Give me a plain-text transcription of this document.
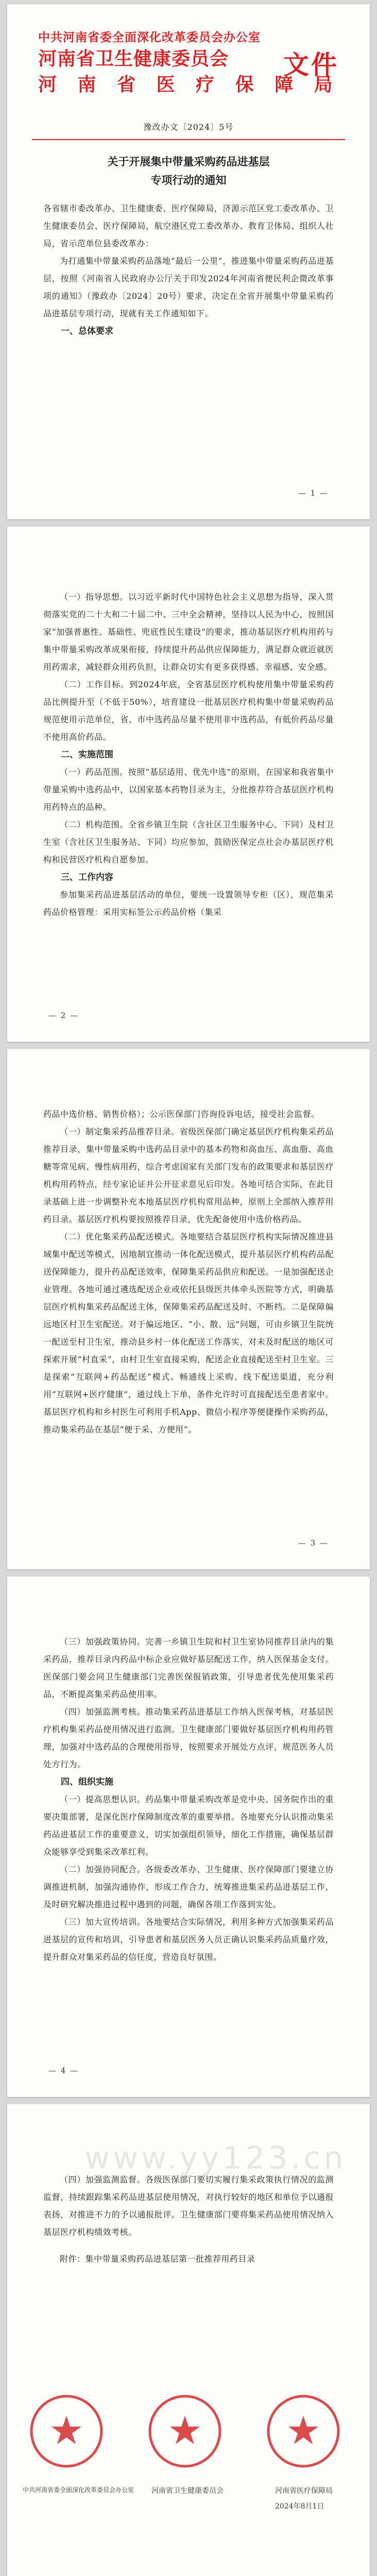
中共河南省委全面深化改革委员会办公室
河南省卫生健康委员会
河 南 省 医 疗 保 障 局
文件
豫改办文〔2024〕5号
关于开展集中带量采购药品进基层
专项行动的通知

各省辖市委改革办、卫生健康委、医疗保障局，济源示范区党工委改革办、卫生健康委员会、医疗保障局，航空港区党工委改革办、教育卫体局、组织人社局，省示范单位县委改革办：

为打通集中带量采购药品落地“最后一公里”，推进集中带量采购药品进基层，按照《河南省人民政府办公厅关于印发2024年河南省便民利企微改革事项的通知》（豫政办〔2024〕20号）要求，决定在全省开展集中带量采购药品进基层专项行动，现就有关工作通知如下。

一、总体要求

— 1 —

（一）指导思想。以习近平新时代中国特色社会主义思想为指导，深入贯彻落实党的二十大和二十届二中、三中全会精神，坚持以人民为中心，按照国家“加强普惠性、基础性、兜底性民生建设”的要求，推动基层医疗机构用药与集中带量采购改革成果衔接，持续提升药品供应保障能力，满足群众就近就医用药需求，减轻群众用药负担，让群众切实有更多获得感、幸福感、安全感。

（二）工作目标。到2024年底，全省基层医疗机构使用集中带量采购药品比例提升至（不低于50%），培育建设一批基层医疗机构集中带量采购药品规范使用示范单位，省、市中选药品尽量不使用非中选药品，有低价药品尽量不使用高价药品。

二、实施范围

（一）药品范围。按照“基层适用、优先中选”的原则，在国家和我省集中带量采购中选药品中，以国家基本药物目录为主，分批推荐符合基层医疗机构用药特点的品种。

（二）机构范围。全省乡镇卫生院（含社区卫生服务中心、下同）及村卫生室（含社区卫生服务站、下同）均应参加，鼓励医保定点社会办基层医疗机构和民营医疗机构自愿参加。

三、工作内容

参加集采药品进基层活动的单位，要统一设置领导专柜（区），规范集采药品价格管理：采用实标签公示药品价格（集采

— 2 —

药品中选价格、销售价格）；公示医保部门咨询投诉电话，接受社会监督。

（一）制定集采药品推荐目录。省级医保部门确定基层医疗机构集采药品推荐目录，集中带量采购中选药品目录中的基本药物和高血压、高血脂、高血糖等常见病、慢性病用药，综合考虑国家有关部门发布的政策要求和基层医疗机构用药特点，经专家论证并公开征求意见后印发。各地可结合实际，在此目录基础上进一步调整补充本地基层医疗机构常用品种，原则上全部纳入推荐用药目录。基层医疗机构要按照推荐目录，优先配备使用中选价格药品。

（二）优化集采药品配送模式。各地要结合基层医疗机构实际情况推进县域集中配送等模式，因地制宜推动一体化配送模式，提升基层医疗机构药品配送保障能力，提升药品配送效率，保障集采药品供应和配送。一是加强配送企业管理。各地可通过遴选配送企业或依托县级医共体牵头医院等方式，明确基层医疗机构集采药品配送主体，保障集采药品配送及时、不断档。二是保障偏远地区村卫生室配送。对于偏远地区、“小、散、远”问题，可由乡镇卫生院统一配送至村卫生室，推动县乡村一体化配送工作落实，对未及时配送的地区可探索开展“村直采”，由村卫生室直接采购，配送企业直接配送至村卫生室。三是探索“互联网+药品配送”模式。畅通线上采购、线下配送渠道，充分利用“互联网+医疗健康”，通过线上下单，条件允许时可直接配送至患者家中。基层医疗机构和乡村医生可利用手机App、微信小程序等便捷操作采购药品，推动集采药品在基层“便于采、方便用”。

— 3 —

（三）加强政策协同。完善一乡镇卫生院和村卫生室协同推荐目录内的集采药品，推荐目录内药品中标企业应做好基层配送工作，纳入医保基金支付。医保部门要会同卫生健康部门完善医保报销政策，引导患者优先使用集采药品，不断提高集采药品使用率。

（四）加强监测考核。推动集采药品进基层工作纳入医保考核，对基层医疗机构集采药品使用情况进行监测。卫生健康部门要做好基层医疗机构用药管理，加强对中选药品的合理使用指导，按照要求开展处方点评，规范医务人员处方行为。

四、组织实施

（一）提高思想认识。药品集中带量采购改革是党中央、国务院作出的重要决策部署，是深化医疗保障制度改革的重要举措。各地要充分认识推动集采药品进基层工作的重要意义，切实加强组织领导，细化工作措施，确保基层群众能够享受到集采改革红利。

（二）加强协同配合。各级委改革办、卫生健康、医疗保障部门要建立协调推进机制，加强沟通协作，形成工作合力，统筹推进集采药品进基层工作，及时研究解决推进过程中遇到的问题，确保各项工作落到实处。

（三）加大宣传培训。各地要结合实际情况，利用多种方式加强集采药品进基层的宣传和培训，引导患者和基层医务人员正确认识集采药品质量疗效，提升群众对集采药品的信任度，营造良好氛围。

— 4 —
www.yy123.cn

（四）加强监测监督。各级医保部门要切实履行集采政策执行情况的监测监督，持续跟踪集采药品进基层使用情况，对执行较好的地区和单位予以通报表扬，对推进不力的予以通报批评。卫生健康部门要将集采药品使用情况纳入基层医疗机构绩效考核。

附件：集中带量采购药品进基层第一批推荐用药目录

中共河南省委全面深化改革委员会办公室 河南省卫生健康委员会	河南省医疗保障局
2024年8月1日
